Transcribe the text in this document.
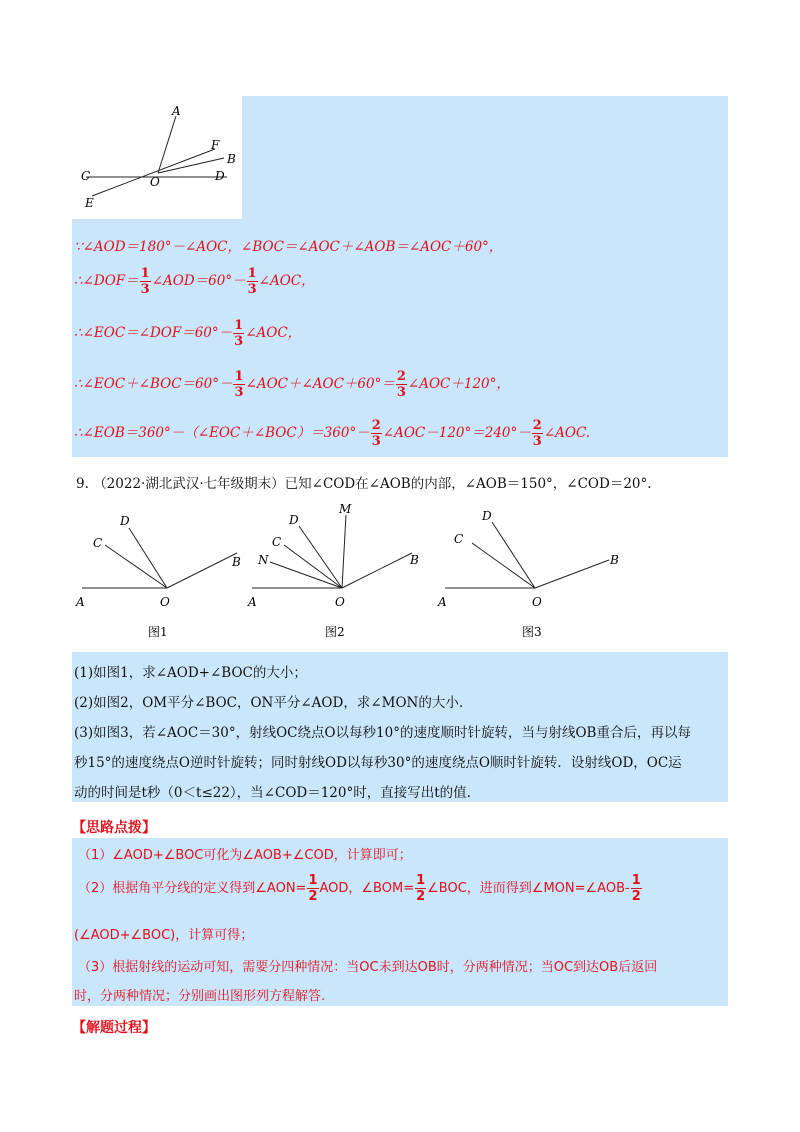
A
F
B
C	O	D
E
∵∠AOD＝180°－∠AOC，∠BOC＝∠AOC＋∠AOB＝∠AOC＋60°，
∴∠DOF＝ $\frac{1}{3}$ ∠AOD＝60°－ $\frac{1}{3}$ ∠AOC，
∴∠EOC＝∠DOF＝60°－ $\frac{1}{3}$ ∠AOC，
∴∠EOC＋∠BOC＝60°－ $\frac{1}{3}$ ∠AOC＋∠AOC＋60°＝ $\frac{2}{3}$ ∠AOC＋120°，
∴∠EOB＝360°－（∠EOC＋∠BOC）＝360°－ $\frac{2}{3}$ ∠AOC－120°＝240°－ $\frac{2}{3}$ ∠AOC.
9. （2022·湖北武汉·七年级期末）已知∠COD在∠AOB的内部，∠AOB＝150°，∠COD＝20°.
A	O
B
C
D
图1
A	O
B
C
D
M
N
图2
A	O
B
C
D
图3
(1)如图1，求∠AOD+∠BOC的大小；
(2)如图2，OM平分∠BOC，ON平分∠AOD，求∠MON的大小.
(3)如图3，若∠AOC＝30°，射线OC绕点O以每秒10°的速度顺时针旋转，当与射线OB重合后，再以每
秒15°的速度绕点O逆时针旋转；同时射线OD以每秒30°的速度绕点O顺时针旋转．设射线OD，OC运
动的时间是t秒（0＜t≤22），当∠COD＝120°时，直接写出t的值.
【思路点拨】
（1）∠AOD+∠BOC可化为∠AOB+∠COD，计算即可；
（2）根据角平分线的定义得到∠AON= $\frac{1}{2}$ AOD，∠BOM= $\frac{1}{2}$ ∠BOC，进而得到∠MON=∠AOB- $\frac{1}{2}$
(∠AOD+∠BOC)，计算可得；
（3）根据射线的运动可知，需要分四种情况：当OC未到达OB时，分两种情况；当OC到达OB后返回
时，分两种情况；分别画出图形列方程解答.
【解题过程】
